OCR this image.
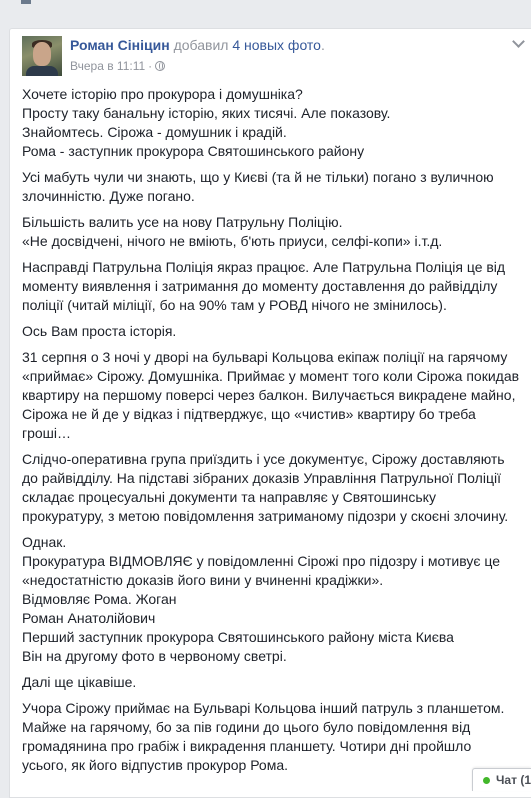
Роман Сініцин добавил 4 новых фото.
Вчера в 11:11 ·

Хочете історію про прокурора і домушніка?
Просту таку банальну історію, яких тисячі. Але показову.
Знайомтесь. Сірожа - домушник і крадій.
Рома - заступник прокурора Святошинського району

Усі мабуть чули чи знають, що у Києві (та й не тільки) погано з вуличною злочинністю. Дуже погано.

Більшість валить усе на нову Патрульну Поліцію.
«Не досвідчені, нічого не вміють, б'ють приуси, селфі-копи» і.т.д.

Насправді Патрульна Поліція якраз працює. Але Патрульна Поліція це від моменту виявлення і затримання до моменту доставлення до райвідділу поліції (читай міліції, бо на 90% там у РОВД нічого не змінилось).

Ось Вам проста історія.

31 серпня о 3 ночі у дворі на бульварі Кольцова екіпаж поліції на гарячому «приймає» Сірожу. Домушніка. Приймає у момент того коли Сірожа покидав квартиру на першому поверсі через балкон. Вилучається викрадене майно, Сірожа не й де у відказ і підтверджує, що «чистив» квартиру бо треба гроші…

Слідчо-оперативна група приїздить і усе документує, Сірожу доставляють до райвідділу. На підставі зібраних доказів Управління Патрульної Поліції складає процесуальні документи та направляє у Святошинську прокуратуру, з метою повідомлення затриманому підозри у скоєні злочину.

Однак.
Прокуратура ВІДМОВЛЯЄ у повідомленні Сірожі про підозру і мотивує це «недостатністю доказів його вини у вчиненні крадіжки».
Відмовляє Рома. Жоган
Роман Анатолійович
Перший заступник прокурора Святошинського району міста Києва
Він на другому фото в червоному светрі.

Далі ще цікавіше.

Учора Сірожу приймає на Бульварі Кольцова інший патруль з планшетом. Майже на гарячому, бо за пів години до цього було повідомлення від громадянина про грабіж і викрадення планшету. Чотири дні пройшло усього, як його відпустив прокурор Рома.

Чат (1
